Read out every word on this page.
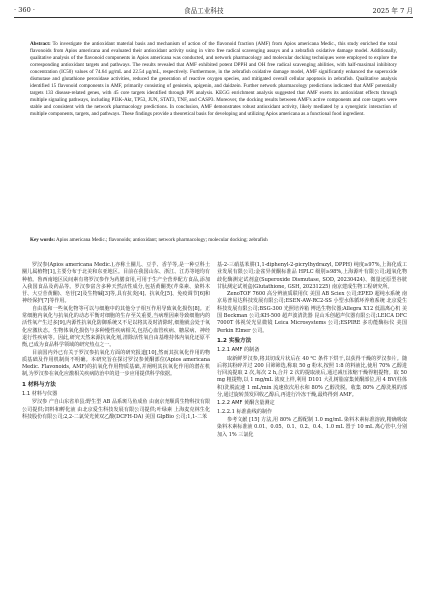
· 360 ·	食品工业科技	2025 年 7 月
Abstract: To investigate the antioxidant material basis and mechanism of action of the flavonoid fraction (AMF) from Apios americana Medic., this study enriched the total flavonoids from Apios americana and evaluated their antioxidant activity using in vitro free radical scavenging assays and a zebrafish oxidative damage model. Additionally, qualitative analysis of the flavonoid components in Apios americana was conducted, and network pharmacology and molecular docking techniques were employed to explore the corresponding antioxidant targets and pathways. The results revealed that AMF exhibited potent DPPH and OH free radical scavenging abilities, with half-maximal inhibitory concentration (IC50) values of 74.64 μg/mL and 22.54 μg/mL, respectively. Furthermore, in the zebrafish oxidative damage model, AMF significantly enhanced the superoxide dismutase and glutathione peroxidase activities, reduced the generation of reactive oxygen species, and mitigated overall cellular apoptosis in zebrafish. Qualitative analysis identified 15 flavonoid components in AMF, primarily consisting of genistein, apigenin, and daidzein. Further network pharmacology predictions indicated that AMF potentially targets 133 disease-related genes, with 45 core targets identified through PPI analysis. KEGG enrichment analysis suggested that AMF exerts its antioxidant effects through multiple signaling pathways, including PI3K-Akt, TP53, JUN, STAT3, TNF, and CASP3. Moreover, the docking results between AMF's active components and core targets were stable and consistent with the network pharmacology predictions. In conclusion, AMF demonstrates robust antioxidant activity, likely mediated by a synergistic interaction of multiple components, targets, and pathways. These findings provide a theoretical basis for developing and utilizing Apios americana as a functional food ingredient.
Key words: Apios americana Medic.; flavonoids; antioxidant; network pharmacology; molecular docking; zebrafish

罗汉参(Apios americana Medic.),亦称土圞儿、豆芋、香芋等,是一种豆科土圞儿属植物[1],主要分布于北美和东亚地区。目前在我国山东、浙江、江苏等地均有种植。鲁西南地区民间素有将罗汉参作为药膳食用,可用于生产全营养配方食品,添加入我国食品及药品等。罗汉参富含多种天然活性成分,包括黄酮类(芹菜素、染料木苷、大豆苷黄酮)、皂苷[2]及生物碱[3]等,具有抗炎[4]、抗氧化[5]、免疫调节[6]和神经保护[7]等作用。

自由基和一些氧化物等可以与细胞中的其他分子相互作用导致氧化损伤[8]。正常细胞内氧化与抗氧化的动态平衡对细胞的生存至关重要,当病理因素导致细胞内的活性氧产生过多[9],内源性抗氧化防御系统又不足以将其及时清除时,细胞就会处于氧化应激状态。生物体氧化损伤与多种慢性疾病相关,包括心血管疾病、糖尿病、神经退行性疾病等。因此,研究天然来源抗氧化剂,清除活性氧自由基维持体内氧化还原平衡,已成为食品科学领域的研究热点之一。

目前国内外已有关于罗汉参抗氧化方面的研究报道[10],然而其抗氧化作用的物质基础及作用机制尚不明确。本研究旨在探讨罗汉参黄酮部位(Apios americana Medic. Flavonoids, AMF)的抗氧化作用物质基础,并阐明其抗氧化作用的潜在机制,为罗汉参在氧化应激相关疾病防治中的进一步应用提供科学依据。

1 材料与方法
1.1 材料与仪器

罗汉参 产自山东省单县;野生型 AB 品系斑马鱼成鱼 由南京尧顺禹生物科技有限公司提供;饲料和孵化液 由北京爱生科技发展有限公司提供;叶绿素 上海麦克林生化科技股份有限公司;2,2-二氯荧光黄双乙酸(DCFH-DA) 美国 GlpBio 公司;1,1-二苯

基-2-三硝基苯肼(1,1-diphenyl-2-picrylhydrazyl, DPPH) 纯度≥97%,上海化成工业发展有限公司;金雀异黄酮标准品 HPLC 级别≥98%,上海源叶有限公司;超氧化物歧化酶测定试剂盒(Superoxide Dismutase, SOD, 20230424)、微量还原型谷胱甘肽测定试剂盒(Glutathione, GSH, 20231225) 南京建成生物工程研究所。

ZenoTOF 7600 高分辨液质联用仪 美国 AB Sciex 公司;EPED 超纯水系统 南京易普易达科技发展有限公司;ESEN-AW-RC2-SS 小型水体循环养殖系统 北京爱生科技发展有限公司;BSG-300 光照培养箱 博迅生物仪器;Allegra X12 低温离心机 美国 Beckman 公司;KH-500 超声波清洗器 昆山禾创超声仪器有限公司;LEICA DFC 7000T 体视荧光显微镜 Leica Microsystems 公司;ESPIRE 多功能酶标仪 美国 Perkin Elmer 公司。

1.2 实验方法
1.2.1 AMF 的制备

取新鲜罗汉参,将其切成片状后在 40 ℃ 条件下烘干,以获得干燥的罗汉参片。随后将其粉碎并过 200 目筛筛选,称取 50 g 粉末,按照 1:8 的料液比,使用 70% 乙醇进行回流提取 2 次,每次 2 h,合并 2 次的提取液后,通过减压浓缩干燥得粗提物。取 50 mg 粗提物,以 1 mg/mL 浓度上样,利用 D101 大孔树脂富集黄酮部位,用 4 BV(柱体积)洗脱流速 1 mL/min 流速依次用水和 80% 乙醇洗脱。收集 80% 乙醇洗脱的部分,通过旋转蒸发回收乙醇后,再进行冷冻干燥,最终得到 AMF。

1.2.2 AMF 黄酮含量测定
1.2.2.1 标准曲线的制作

参考文献 [15] 方法,用 80% 乙醇配制 1.0 mg/mL 染料木素标准溶液,精确吸取染料木素标准液 0.01、0.05、0.1、0.2、0.4、1.0 mL 置于 10 mL 离心管中,分别加入 1% 三氯化
